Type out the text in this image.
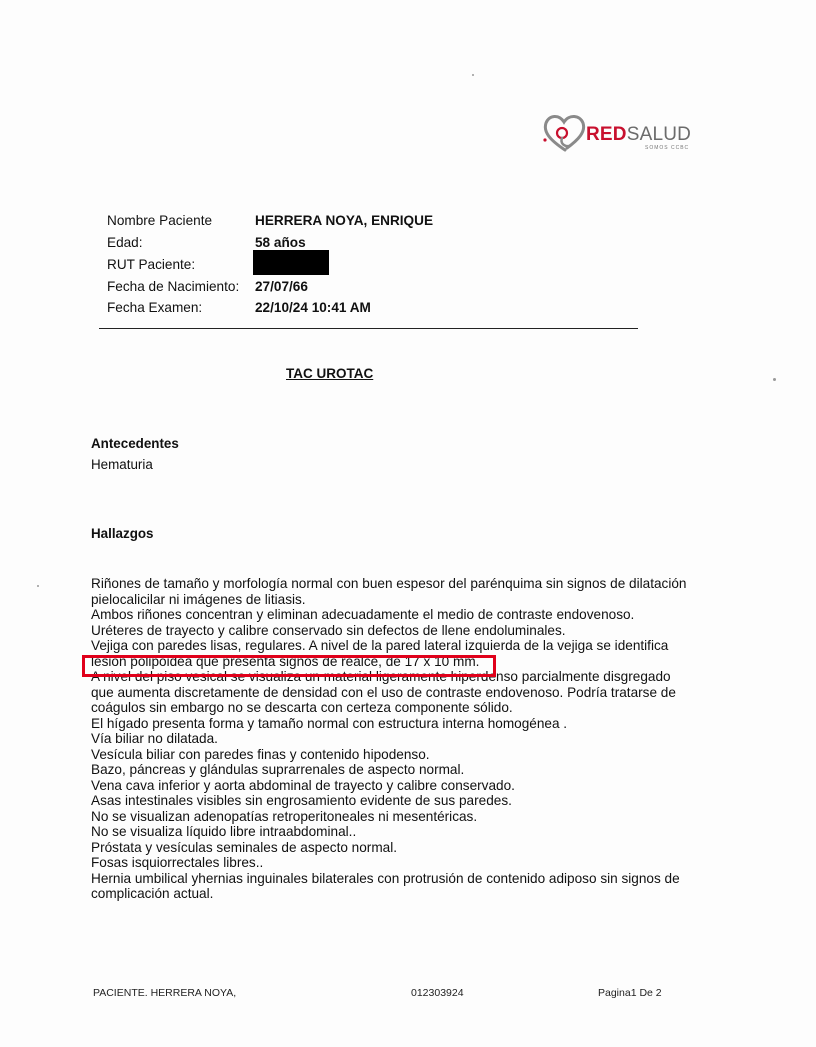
REDSALUD
SOMOS CCBC
Nombre Paciente	HERRERA NOYA, ENRIQUE
Edad:	58 años
RUT Paciente:
Fecha de Nacimiento: 27/07/66
Fecha Examen:	22/10/24 10:41 AM
TAC UROTAC
Antecedentes
Hematuria
Hallazgos
Riñones de tamaño y morfología normal con buen espesor del parénquima sin signos de dilatación
pielocalicilar ni imágenes de litiasis.
Ambos riñones concentran y eliminan adecuadamente el medio de contraste endovenoso.
Uréteres de trayecto y calibre conservado sin defectos de llene endoluminales.
Vejiga con paredes lisas, regulares. A nivel de la pared lateral izquierda de la vejiga se identifica
lesión polipoidea que presenta signos de realce, de 17 x 10 mm.
A nivel del piso vesical se visualiza un material ligeramente hiperdenso parcialmente disgregado
que aumenta discretamente de densidad con el uso de contraste endovenoso. Podría tratarse de
coágulos sin embargo no se descarta con certeza componente sólido.
El hígado presenta forma y tamaño normal con estructura interna homogénea .
Vía biliar no dilatada.
Vesícula biliar con paredes finas y contenido hipodenso.
Bazo, páncreas y glándulas suprarrenales de aspecto normal.
Vena cava inferior y aorta abdominal de trayecto y calibre conservado.
Asas intestinales visibles sin engrosamiento evidente de sus paredes.
No se visualizan adenopatías retroperitoneales ni mesentéricas.
No se visualiza líquido libre intraabdominal..
Próstata y vesículas seminales de aspecto normal.
Fosas isquiorrectales libres..
Hernia umbilical yhernias inguinales bilaterales con protrusión de contenido adiposo sin signos de
complicación actual.
PACIENTE. HERRERA NOYA,	012303924	Pagina1 De 2
